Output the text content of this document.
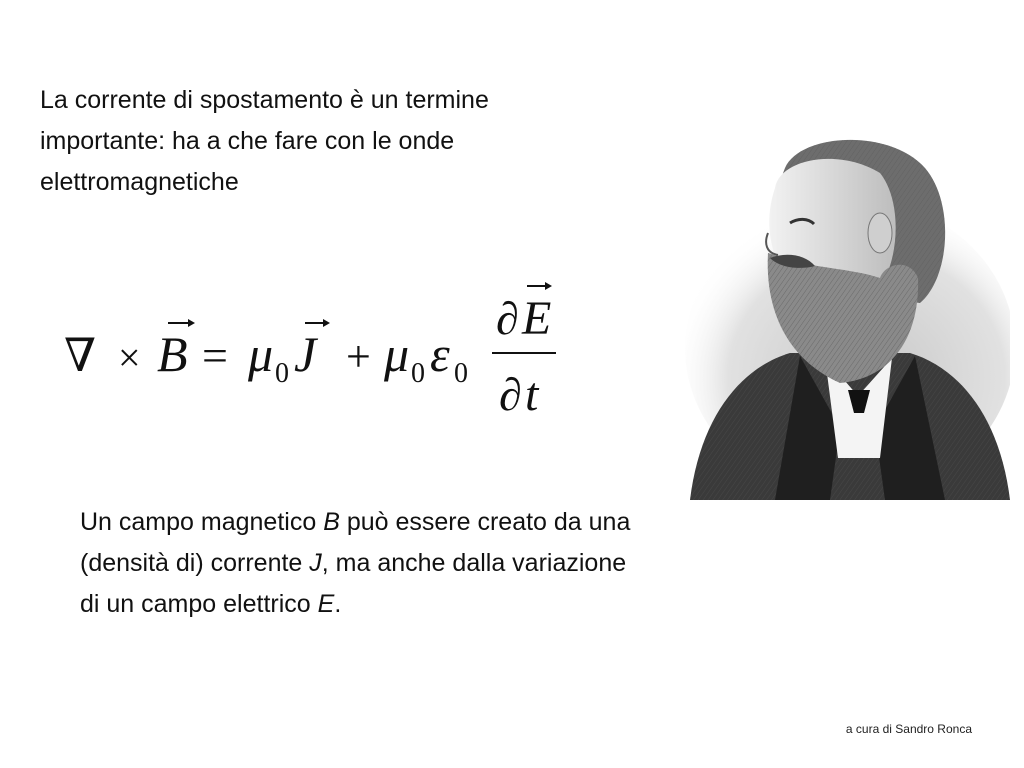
La corrente di spostamento è un termine
importante: ha a che fare con le onde
elettromagnetiche
∇ × B = μ 0 J + μ 0 ε 0
∂ E
∂ t
Un campo magnetico B può essere creato da una
(densità di) corrente J, ma anche dalla variazione
di un campo elettrico E.
a cura di Sandro Ronca
